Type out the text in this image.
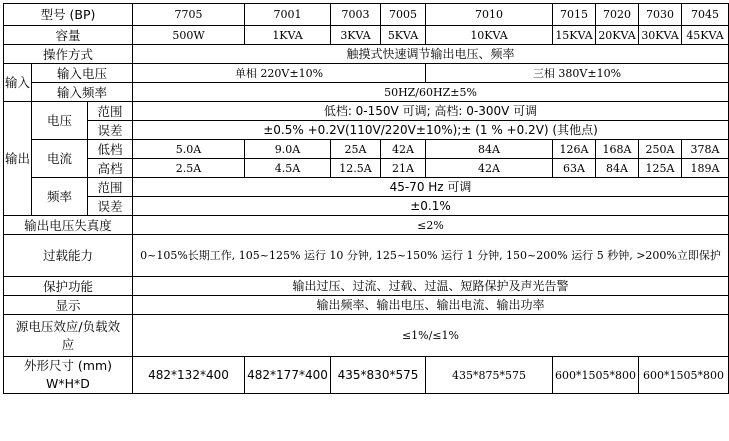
型号 (BP)			7705	7001	7003	7005	7010	7015	7020	7030	7045
容量			500W	1KVA	3KVA	5KVA	10KVA	15KVA	20KVA	30KVA	45KVA
操作方式			触摸式快速调节输出电压、频率								
输入	输入电压		单相 220V±10%				三相 380V±10%				
	输入频率		50HZ/60HZ±5%								
输出	电压	范围	低档: 0-150V 可调; 高档: 0-300V 可调								
		误差	±0.5% +0.2V(110V/220V±10%);± (1 % +0.2V) (其他点)								
	电流	低档	5.0A	9.0A	25A	42A	84A	126A	168A	250A	378A
		高档	2.5A	4.5A	12.5A	21A	42A	63A	84A	125A	189A
	频率	范围	45-70 Hz 可调								
		误差	±0.1%								
输出电压失真度			≤2%								
过载能力			0~105%长期工作, 105~125% 运行 10 分钟, 125~150% 运行 1 分钟, 150~200% 运行 5 秒钟, >200%立即保护								
保护功能			输出过压、过流、过载、过温、短路保护及声光告警								
显示			输出频率、输出电压、输出电流、输出功率								
源电压效应/负载效应			≤1%/≤1%								
外形尺寸 (mm) W*H*D			482*132*400	482*177*400	435*830*575		435*875*575	600*1505*800		600*1505*800	
